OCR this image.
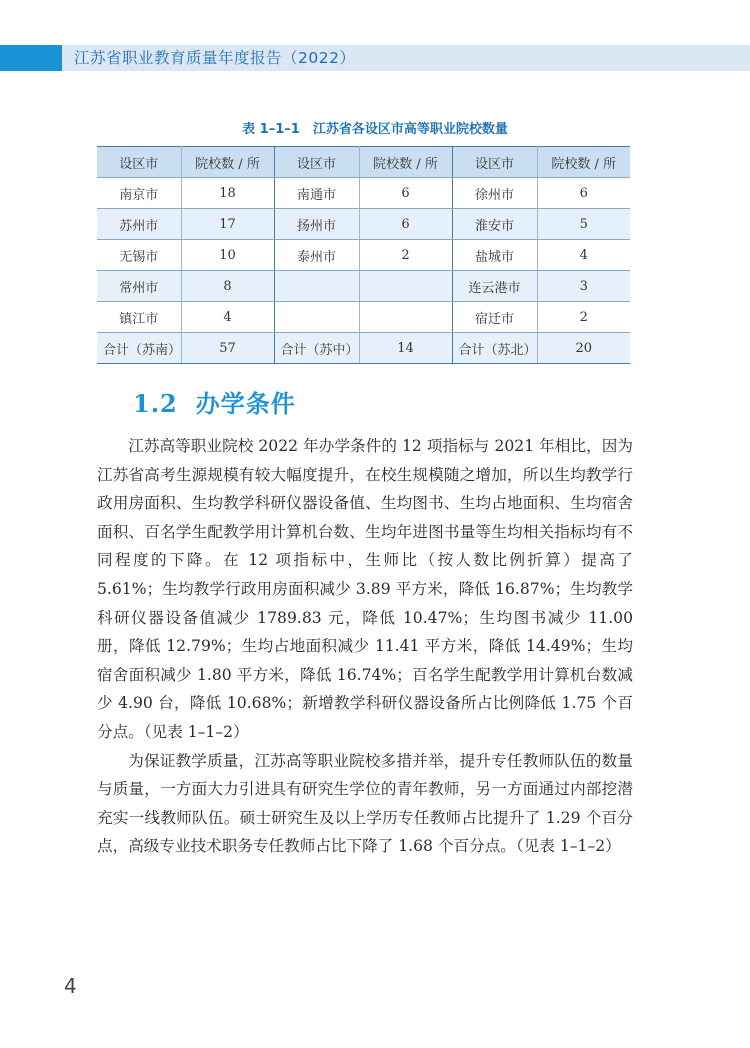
江苏省职业教育质量年度报告（2022）
表 1–1–1　江苏省各设区市高等职业院校数量
设区市	院校数 / 所	设区市	院校数 / 所	设区市	院校数 / 所
南京市	18	南通市	6	徐州市	6
苏州市	17	扬州市	6	淮安市	5
无锡市	10	泰州市	2	盐城市	4
常州市	8			连云港市	3
镇江市	4			宿迁市	2
合计（苏南）	57	合计（苏中）	14	合计（苏北）	20
1.2 办学条件

江苏高等职业院校 2022 年办学条件的 12 项指标与 2021 年相比，因为江苏省高考生源规模有较大幅度提升，在校生规模随之增加，所以生均教学行政用房面积、生均教学科研仪器设备值、生均图书、生均占地面积、生均宿舍面积、百名学生配教学用计算机台数、生均年进图书量等生均相关指标均有不同程度的下降。在 12 项指标中，生师比（按人数比例折算）提高了 5.61%；生均教学行政用房面积减少 3.89 平方米，降低 16.87%；生均教学科研仪器设备值减少 1789.83 元，降低 10.47%；生均图书减少 11.00 册，降低 12.79%；生均占地面积减少 11.41 平方米，降低 14.49%；生均宿舍面积减少 1.80 平方米，降低 16.74%；百名学生配教学用计算机台数减少 4.90 台，降低 10.68%；新增教学科研仪器设备所占比例降低 1.75 个百分点。（见表 1–1–2）

为保证教学质量，江苏高等职业院校多措并举，提升专任教师队伍的数量与质量，一方面大力引进具有研究生学位的青年教师，另一方面通过内部挖潜充实一线教师队伍。硕士研究生及以上学历专任教师占比提升了 1.29 个百分点，高级专业技术职务专任教师占比下降了 1.68 个百分点。（见表 1–1–2）

4
